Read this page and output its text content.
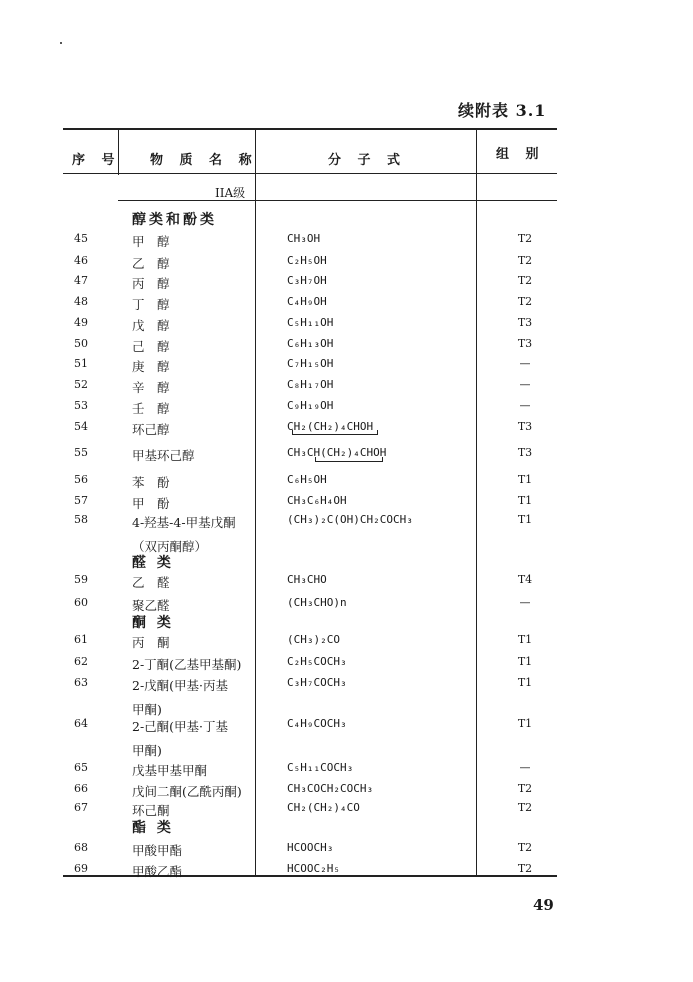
续附表 3.1
序 号 物 质 名 称	分 子 式	组 别
IIA级
醇类和酚类
醛 类
酮 类
酯 类
45	甲　醇	CH₃OH	T2
46	乙　醇	C₂H₅OH	T2
47	丙　醇	C₃H₇OH	T2
48	丁　醇	C₄H₉OH	T2
49	戊　醇	C₅H₁₁OH	T3
50	己　醇	C₆H₁₃OH	T3
51	庚　醇	C₇H₁₅OH	—
52	辛　醇	C₈H₁₇OH	—
53	壬　醇	C₉H₁₉OH	—
54	环己醇	CH₂(CH₂)₄CHOH	T3
55	甲基环己醇	CH₃CH(CH₂)₄CHOH	T3
56	苯　酚	C₆H₅OH	T1
57	甲　酚	CH₃C₆H₄OH	T1
58	4-羟基-4-甲基戊酮	(CH₃)₂C(OH)CH₂COCH₃	T1
（双丙酮醇）
59	乙　醛	CH₃CHO	T4
60	聚乙醛	(CH₃CHO)n	—
61	丙　酮	(CH₃)₂CO	T1
62	2-丁酮(乙基甲基酮)	C₂H₅COCH₃	T1
63	2-戊酮(甲基·丙基	C₃H₇COCH₃	T1
甲酮)
64	2-己酮(甲基·丁基	C₄H₉COCH₃	T1
甲酮)
65	戊基甲基甲酮	C₅H₁₁COCH₃	—
66	戊间二酮(乙酰丙酮)	CH₃COCH₂COCH₃	T2
67	环己酮	CH₂(CH₂)₄CO	T2
68	甲酸甲酯	HCOOCH₃	T2
69	甲酸乙酯	HCOOC₂H₅	T2
49
